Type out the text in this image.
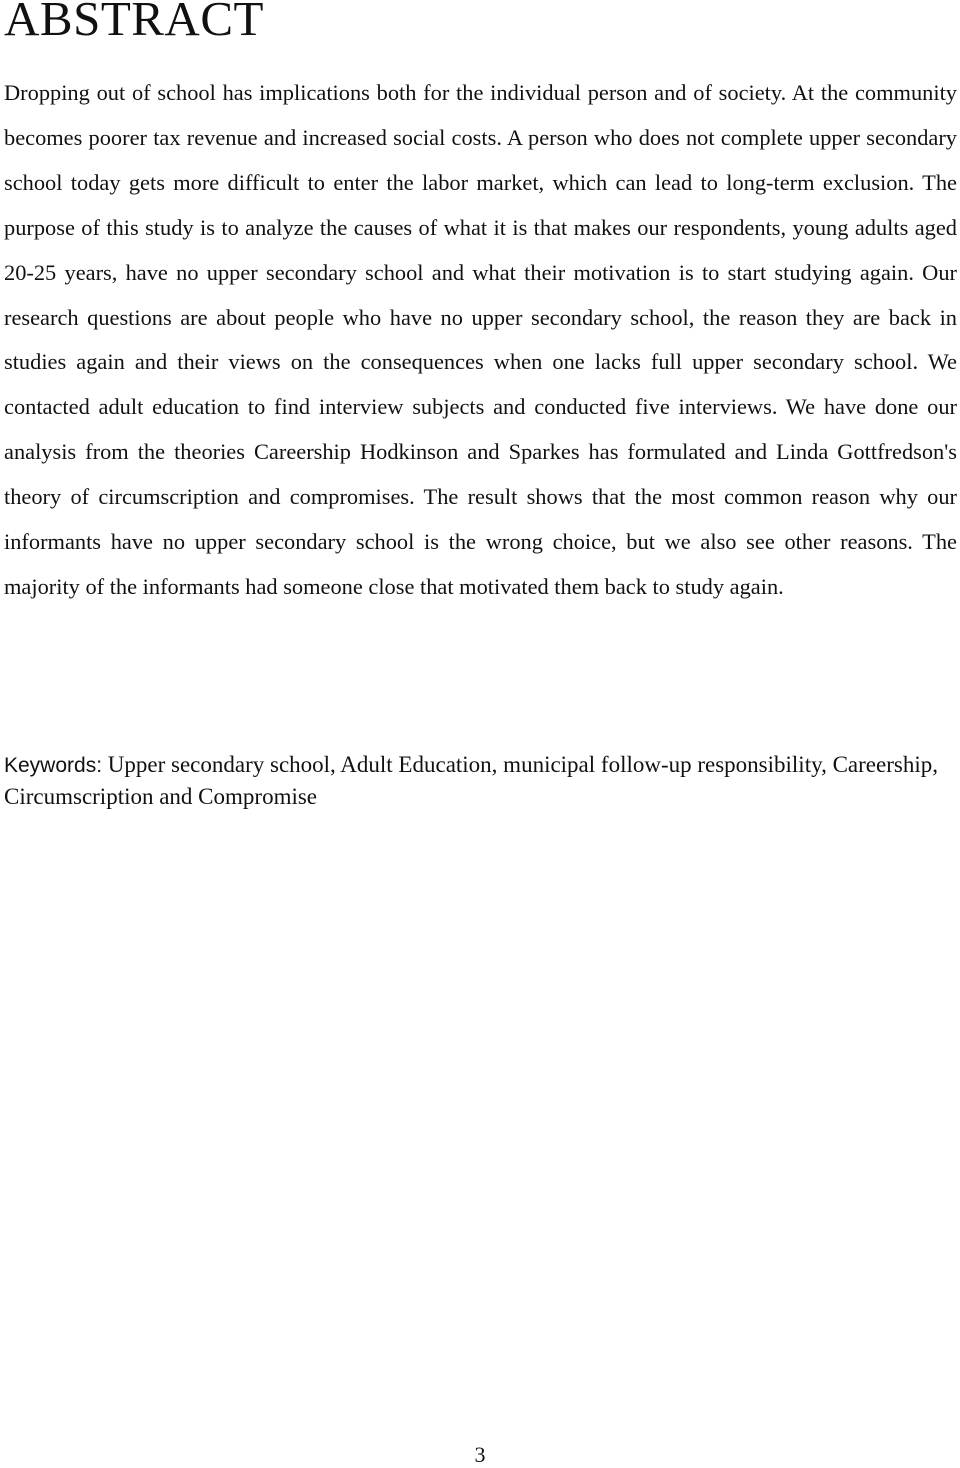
ABSTRACT

Dropping out of school has implications both for the individual person and of society. At the community becomes poorer tax revenue and increased social costs. A person who does not complete upper secondary school today gets more difficult to enter the labor market, which can lead to long-term exclusion. The purpose of this study is to analyze the causes of what it is that makes our respondents, young adults aged 20-25 years, have no upper secondary school and what their motivation is to start studying again. Our research questions are about people who have no upper secondary school, the reason they are back in studies again and their views on the consequences when one lacks full upper secondary school. We contacted adult education to find interview subjects and conducted five interviews. We have done our analysis from the theories Careership Hodkinson and Sparkes has formulated and Linda Gottfredson's theory of circumscription and compromises. The result shows that the most common reason why our informants have no upper secondary school is the wrong choice, but we also see other reasons. The majority of the informants had someone close that motivated them back to study again.

Keywords: Upper secondary school, Adult Education, municipal follow-up responsibility, Careership, Circumscription and Compromise

3
